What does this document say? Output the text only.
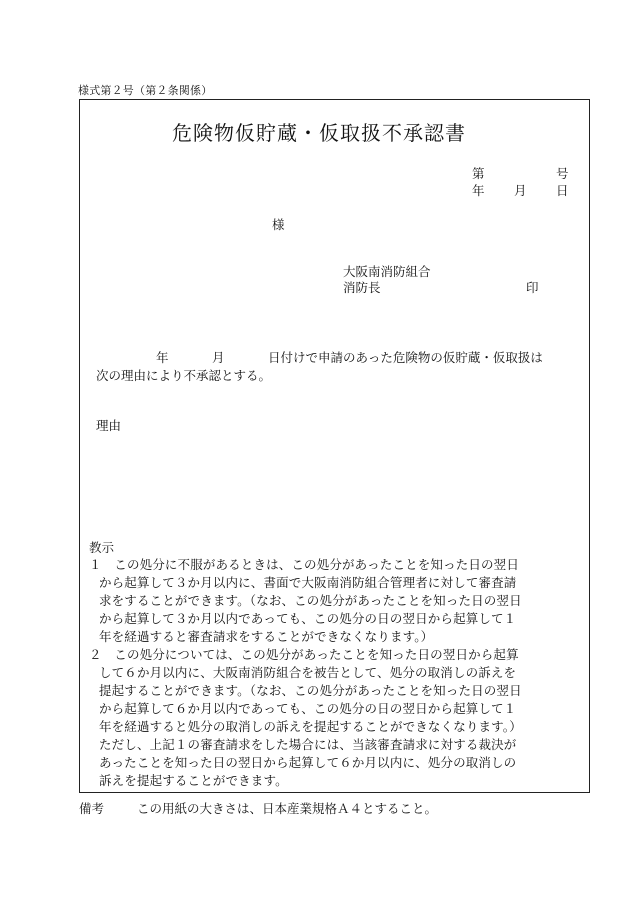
様式第２号（第２条関係）
危険物仮貯蔵・仮取扱不承認書
第	号
年 月 日
様
大阪南消防組合
消防長	印
年	月	日付けで申請のあった危険物の仮貯蔵・仮取扱は
次の理由により不承認とする。
理由
教示
１　この処分に不服があるときは、この処分があったことを知った日の翌日
から起算して３か月以内に、書面で大阪南消防組合管理者に対して審査請
求をすることができます。（なお、この処分があったことを知った日の翌日
から起算して３か月以内であっても、この処分の日の翌日から起算して１
年を経過すると審査請求をすることができなくなります。）
２　この処分については、この処分があったことを知った日の翌日から起算
して６か月以内に、大阪南消防組合を被告として、処分の取消しの訴えを
提起することができます。（なお、この処分があったことを知った日の翌日
から起算して６か月以内であっても、この処分の日の翌日から起算して１
年を経過すると処分の取消しの訴えを提起することができなくなります。）
ただし、上記１の審査請求をした場合には、当該審査請求に対する裁決が
あったことを知った日の翌日から起算して６か月以内に、処分の取消しの
訴えを提起することができます。
備考	この用紙の大きさは、日本産業規格Ａ４とすること。
